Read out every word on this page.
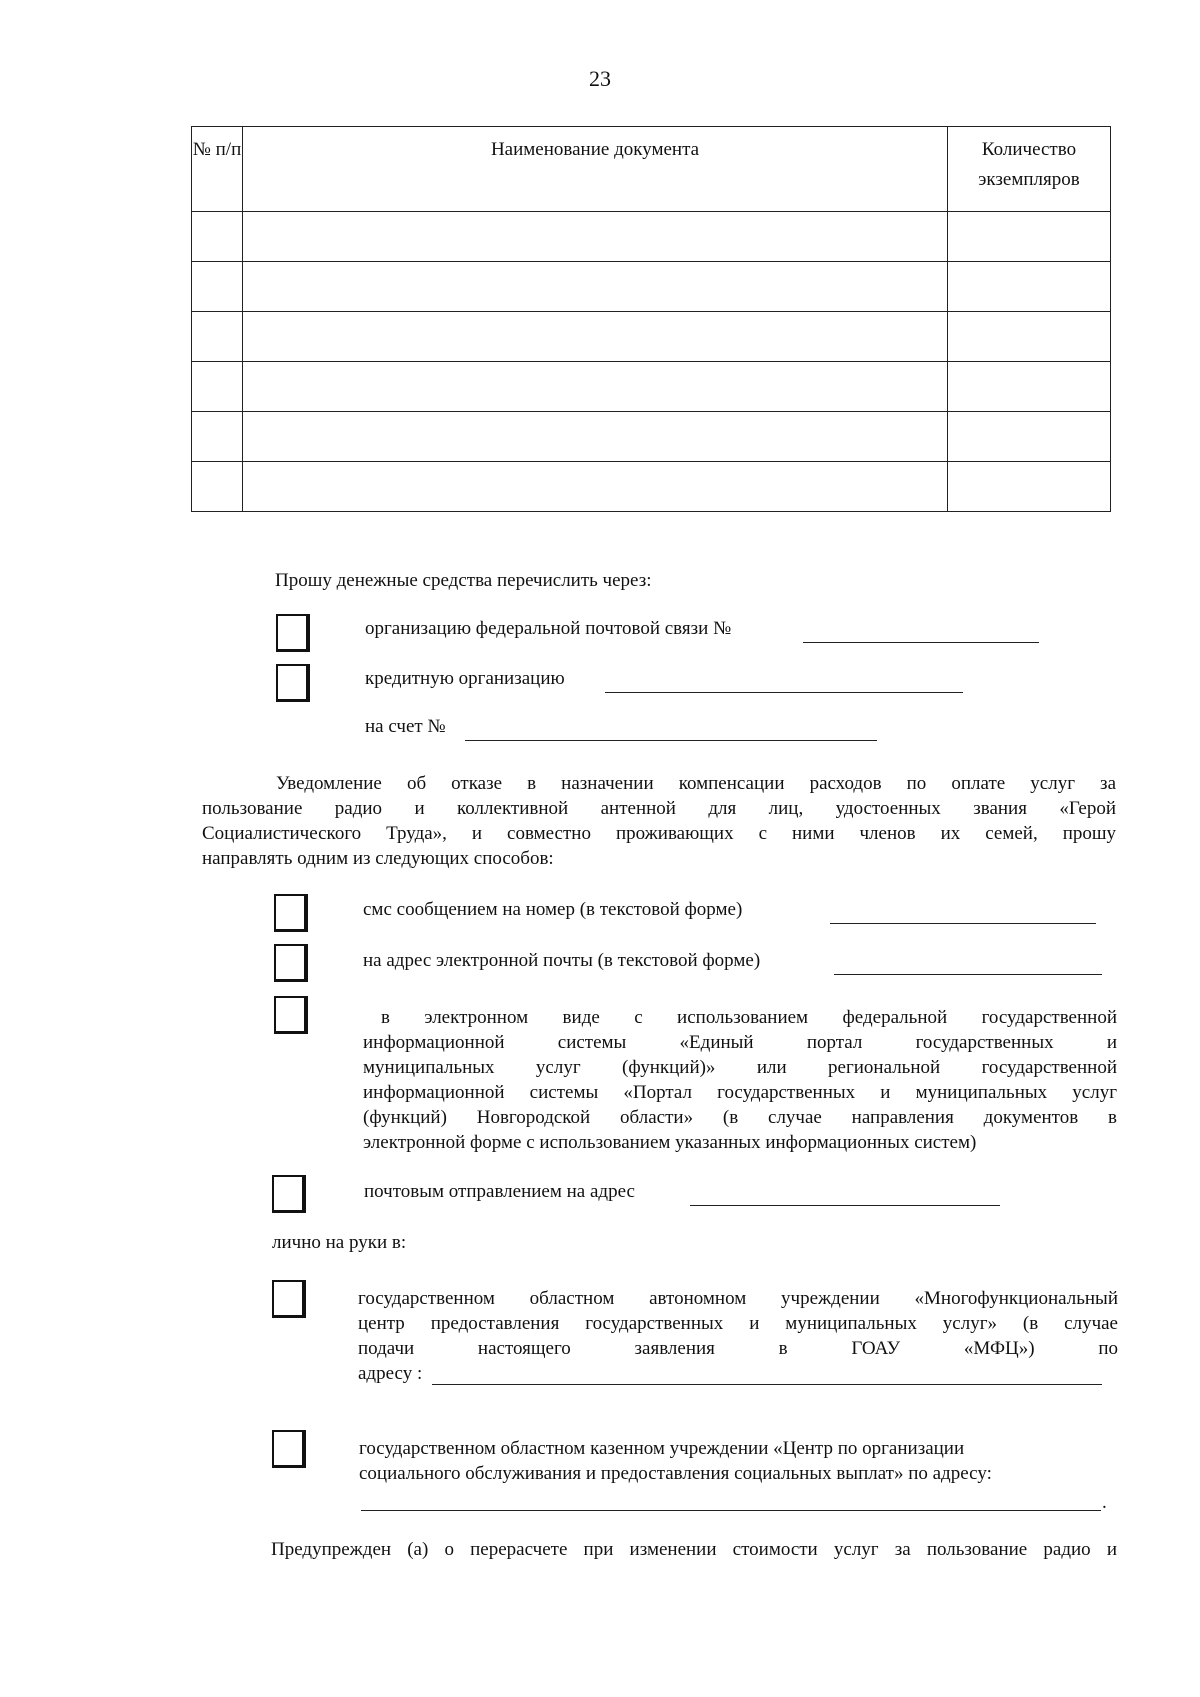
23
№ п/п	Наименование документа	Количество экземпляров

Прошу денежные средства перечислить через:
организацию федеральной почтовой связи №
кредитную организацию
на счет №
Уведомление об отказе в назначении компенсации расходов по оплате услуг за
пользование радио и коллективной антенной для лиц, удостоенных звания «Герой
Социалистического Труда», и совместно проживающих с ними членов их семей, прошу
направлять одним из следующих способов:
смс сообщением на номер (в текстовой форме)
на адрес электронной почты (в текстовой форме)
в электронном виде с использованием федеральной государственной
информационной системы «Единый портал государственных и
муниципальных услуг (функций)» или региональной государственной
информационной системы «Портал государственных и муниципальных услуг
(функций) Новгородской области» (в случае направления документов в
электронной форме с использованием указанных информационных систем)
почтовым отправлением на адрес
лично на руки в:
государственном областном автономном учреждении «Многофункциональный
центр предоставления государственных и муниципальных услуг» (в случае
подачи настоящего заявления в ГОАУ «МФЦ») по
адресу :
государственном областном казенном учреждении «Центр по организации
социального обслуживания и предоставления социальных выплат» по адресу:
.
Предупрежден (а) о перерасчете при изменении стоимости услуг за пользование радио и
